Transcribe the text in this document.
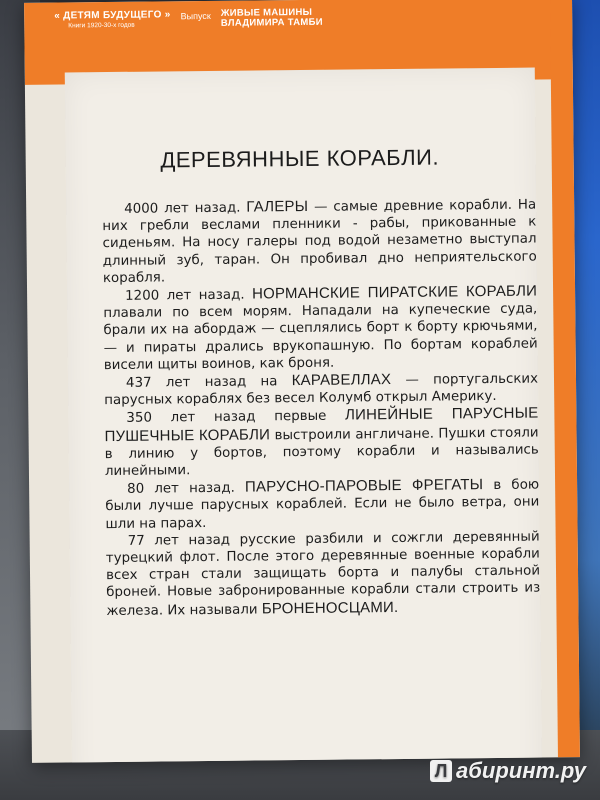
« ДЕТЯМ БУДУЩЕГО »
Книги 1920-30-х годов
Выпуск ЖИВЫЕ МАШИНЫ
ВЛАДИМИРА ТАМБИ
ДЕРЕВЯННЫЕ КОРАБЛИ.

4000 лет назад. ГАЛЕРЫ — самые древние корабли. На них гребли веслами пленники - рабы, прикованные к сиденьям. На носу галеры под водой незаметно выступал длинный зуб, таран. Он пробивал дно неприятельского корабля.

1200 лет назад. НОРМАНСКИЕ ПИРАТСКИЕ КОРАБЛИ плавали по всем морям. Нападали на купеческие суда, брали их на абордаж — сцеплялись борт к борту крючьями, — и пираты дрались врукопашную. По бортам кораблей висели щиты воинов, как броня.

437 лет назад на КАРАВЕЛЛАХ — португальских парусных кораблях без весел Колумб открыл Америку.

350 лет назад первые ЛИНЕЙНЫЕ ПАРУСНЫЕ ПУШЕЧНЫЕ КОРАБЛИ выстроили англичане. Пушки стояли в линию у бортов, поэтому корабли и назывались линейными.

80 лет назад. ПАРУСНО-ПАРОВЫЕ ФРЕГАТЫ в бою были лучше парусных кораблей. Если не было ветра, они шли на парах.

77 лет назад русские разбили и сожгли деревянный турецкий флот. После этого деревянные военные корабли всех стран стали защищать борта и палубы стальной броней. Новые забронированные корабли стали строить из железа. Их называли БРОНЕНОСЦАМИ.

Л абиринт.ру
